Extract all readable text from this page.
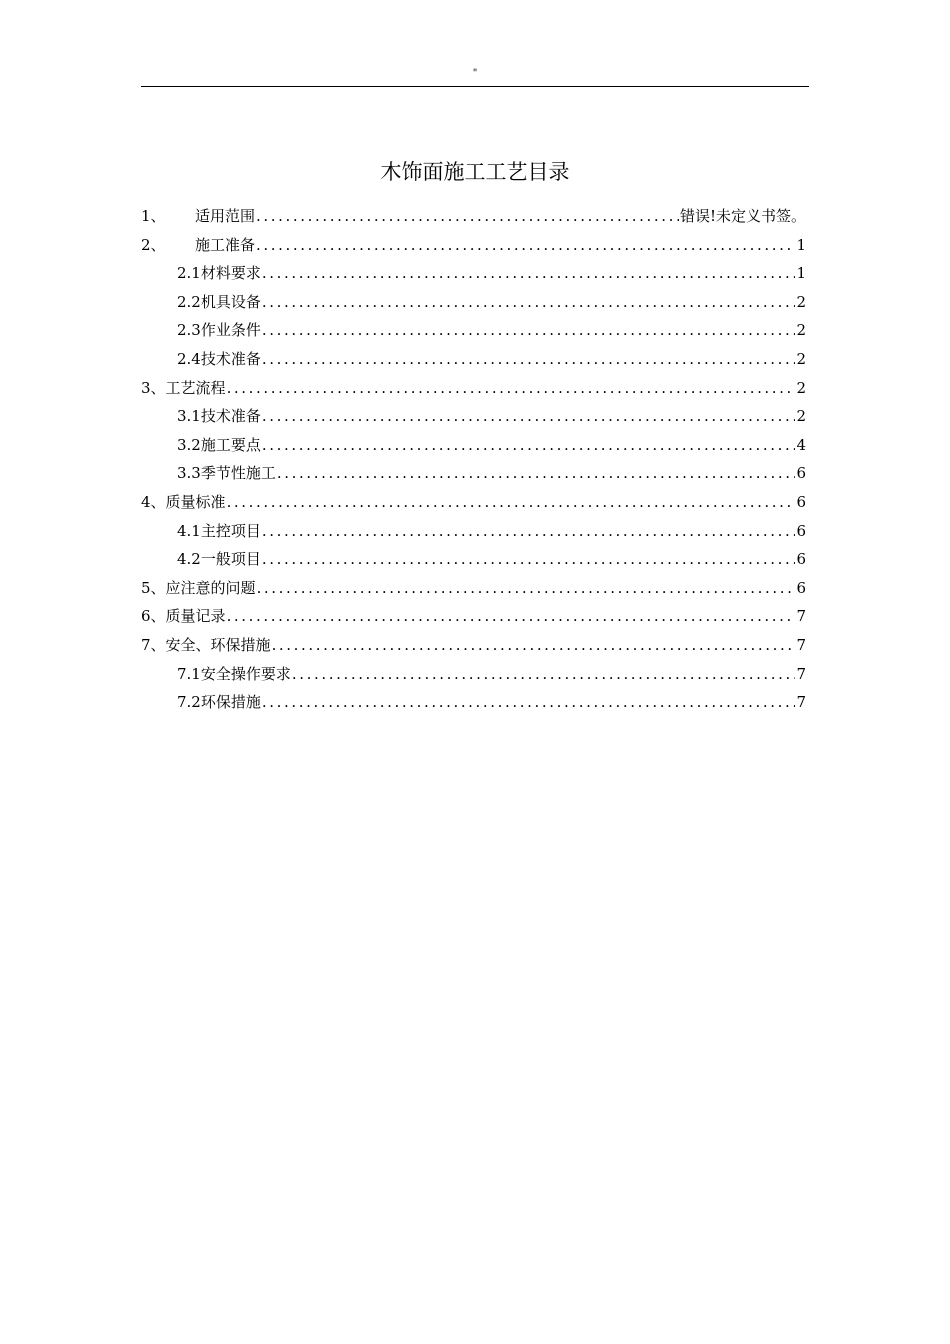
"
木饰面施工工艺目录
1、	适用范围 .....	错误!未定义书签。
2、	施工准备 .....	1
2.1 材料要求 .....	1
2.2 机具设备 .....	2
2.3 作业条件 .....	2
2.4 技术准备 .....	2
3、 工艺流程 .....	2
3.1 技术准备 .....	2
3.2 施工要点 .....	4
3.3 季节性施工 .....	6
4、 质量标准 .....	6
4.1 主控项目 .....	6
4.2 一般项目 .....	6
5、 应注意的问题 .....	6
6、 质量记录 .....	7
7、 安全、环保措施 .....	7
7.1 安全操作要求 .....	7
7.2 环保措施 .....	7
